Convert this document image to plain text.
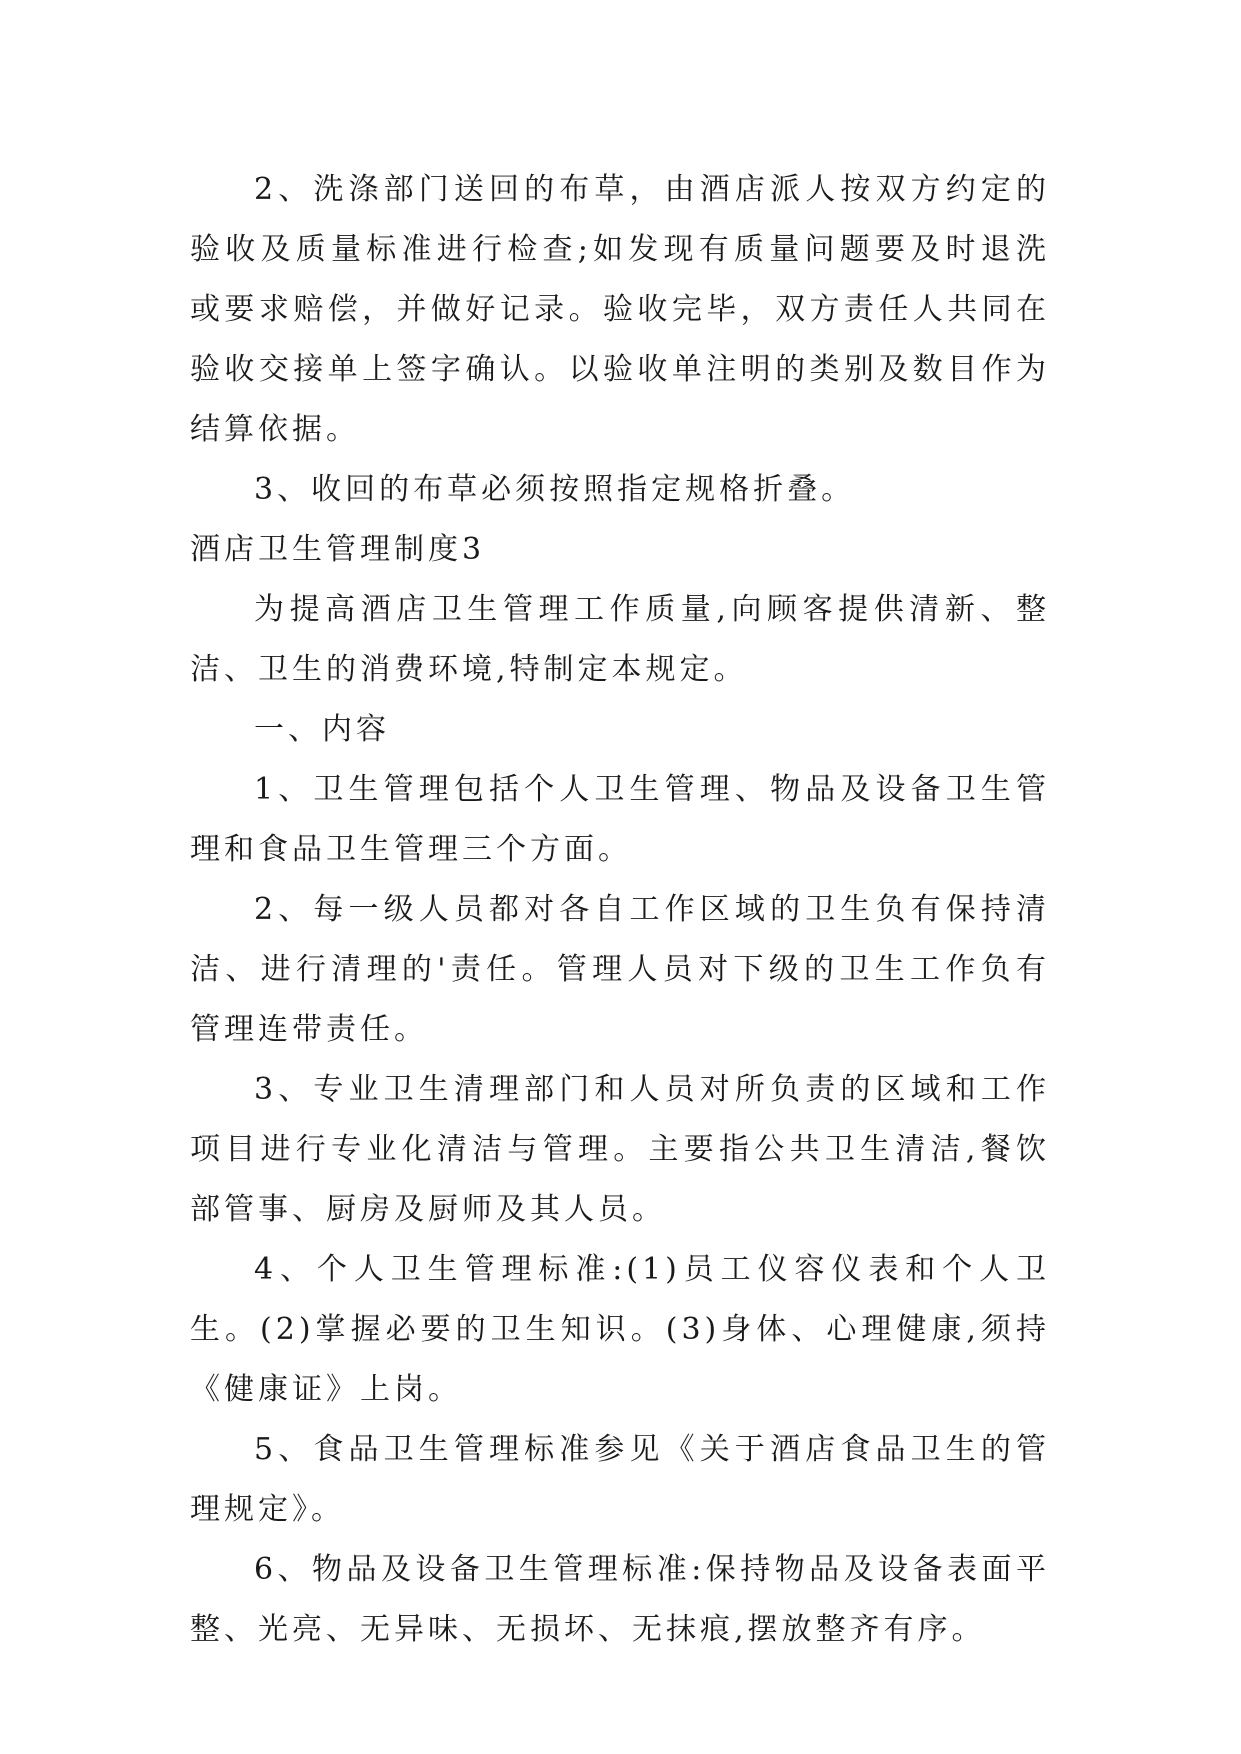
2、洗涤部门送回的布草，由酒店派人按双方约定的验收及质量标准进行检查;如发现有质量问题要及时退洗或要求赔偿，并做好记录。验收完毕，双方责任人共同在验收交接单上签字确认。以验收单注明的类别及数目作为结算依据。

3、收回的布草必须按照指定规格折叠。

酒店卫生管理制度3

为提高酒店卫生管理工作质量,向顾客提供清新、整洁、卫生的消费环境,特制定本规定。

一、内容

1、卫生管理包括个人卫生管理、物品及设备卫生管理和食品卫生管理三个方面。

2、每一级人员都对各自工作区域的卫生负有保持清洁、进行清理的'责任。管理人员对下级的卫生工作负有管理连带责任。

3、专业卫生清理部门和人员对所负责的区域和工作项目进行专业化清洁与管理。主要指公共卫生清洁,餐饮部管事、厨房及厨师及其人员。

4、个人卫生管理标准:(1)员工仪容仪表和个人卫生。(2)掌握必要的卫生知识。(3)身体、心理健康,须持《健康证》上岗。

5、食品卫生管理标准参见《关于酒店食品卫生的管理规定》。

6、物品及设备卫生管理标准:保持物品及设备表面平整、光亮、无异味、无损坏、无抹痕,摆放整齐有序。
